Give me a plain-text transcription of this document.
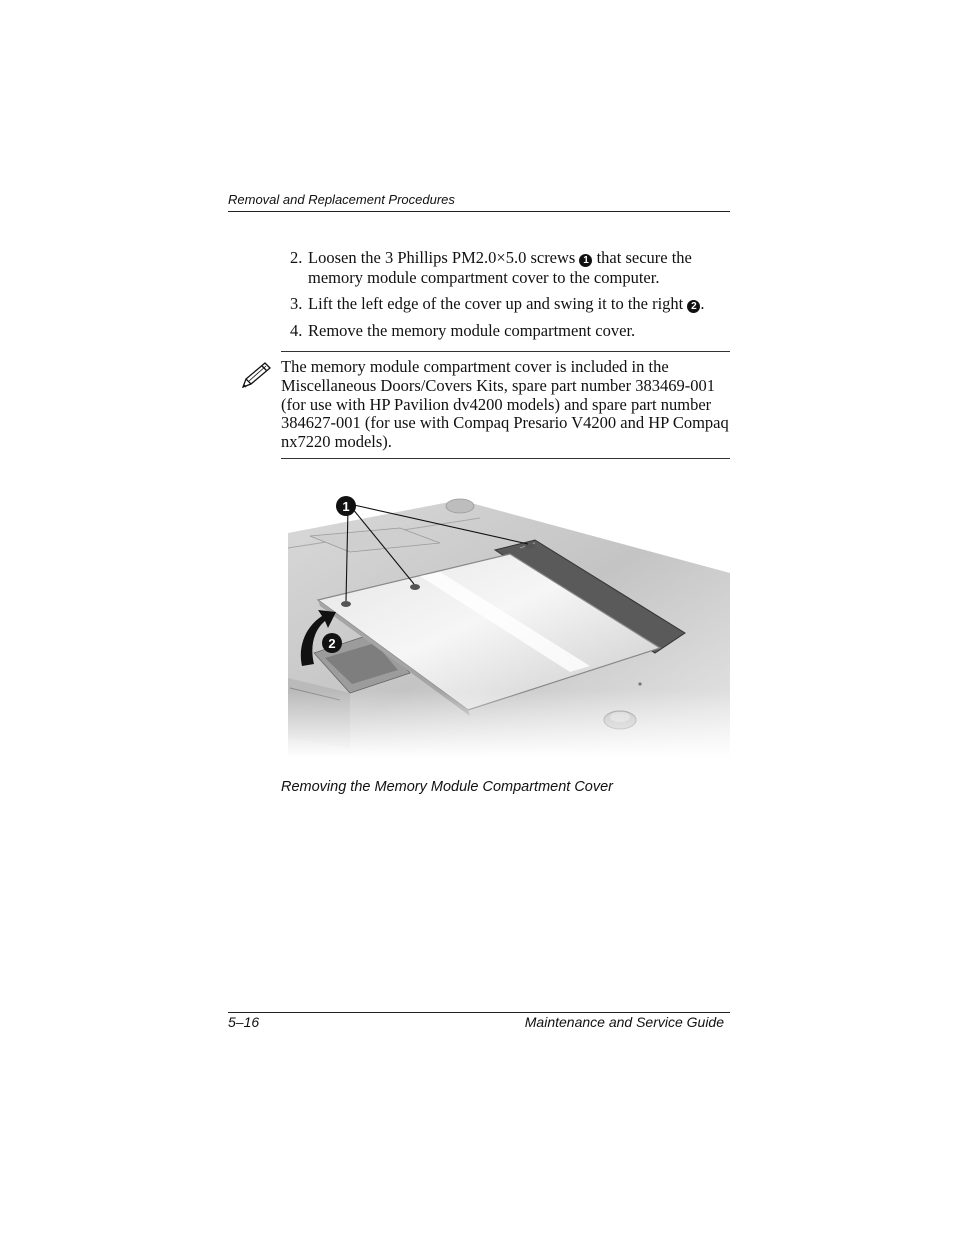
Removal and Replacement Procedures
2. Loosen the 3 Phillips PM2.0×5.0 screws 1 that secure the memory module compartment cover to the computer.
3. Lift the left edge of the cover up and swing it to the right 2 .
4. Remove the memory module compartment cover.
The memory module compartment cover is included in the Miscellaneous Doors/Covers Kits, spare part number 383469-001 (for use with HP Pavilion dv4200 models) and spare part number 384627-001 (for use with Compaq Presario V4200 and HP Compaq nx7220 models).
1
2
Removing the Memory Module Compartment Cover
5–16	Maintenance and Service Guide
